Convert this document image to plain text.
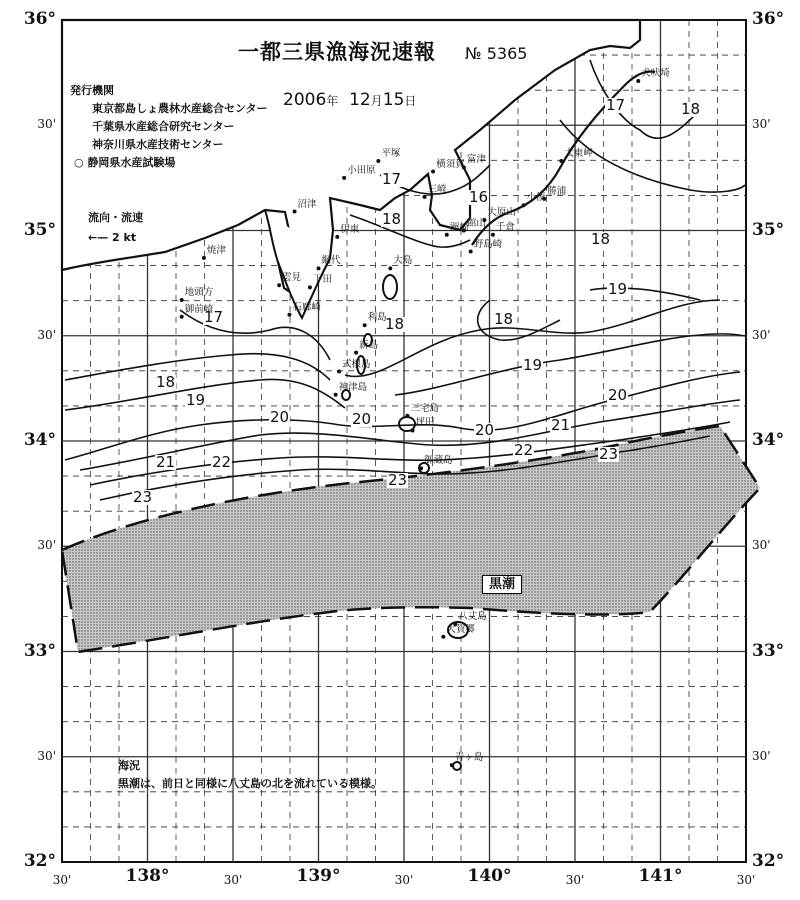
36°
30'
35°
30'
34°
30'
33°
30'
32°
36°
30'
35°
30'
34°
30'
33°
30'
32°
30'	138°	30'	139°	30'	140°	30'	141°	30'
一都三県漁海況速報 № 5365
2006年 12月15日
発行機関
東京都島しょ農林水産総合センター
千葉県水産総合研究センター
神奈川県水産技術センター
○ 静岡県水産試験場
流向・流速
←— 2 kt
黒潮
海況
黒潮は、前日と同様に八丈島の北を流れている模様。
16
17
17
17
18
18
18
18	18
18
19
19
19
20
20
20
20	21
21
22
22	23
23
23
犬吠埼
太東岬
勝浦
小湊
平塚
横須賀 富津
小田原
三崎
館山
大原山
千倉
洲崎
野島崎
沼津
伊東
焼津
網代
下田
大島
雲見
地頭方
御前崎	石廊崎
利島
新島
式根島
神津島
三宅島
坪田
御蔵島
八丈島
大賀郷
青ヶ島
